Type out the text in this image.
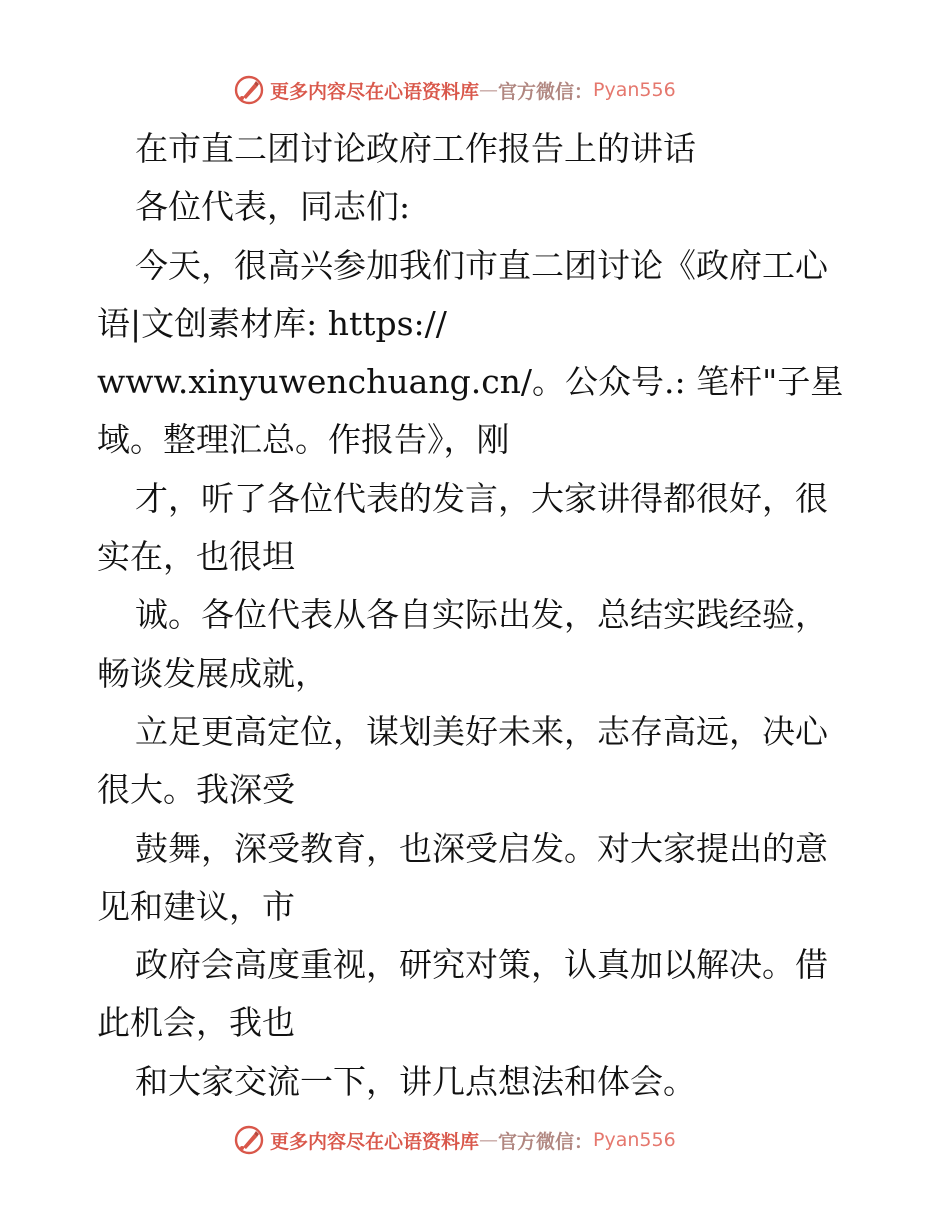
更多内容尽在心语资料库 — 官方微信： Pyan556
在市直二团讨论政府工作报告上的讲话
各位代表，同志们:
今天，很高兴参加我们市直二团讨论《政府工心
语|文创素材库: https://
www.xinyuwenchuang.cn/。公众号.: 笔杆"子星
域。整理汇总。作报告》，刚
才，听了各位代表的发言，大家讲得都很好，很
实在，也很坦
诚。各位代表从各自实际出发，总结实践经验，
畅谈发展成就，
立足更高定位，谋划美好未来，志存高远，决心
很大。我深受
鼓舞，深受教育，也深受启发。对大家提出的意
见和建议，市
政府会高度重视，研究对策，认真加以解决。借
此机会，我也
和大家交流一下，讲几点想法和体会。
更多内容尽在心语资料库 — 官方微信： Pyan556
